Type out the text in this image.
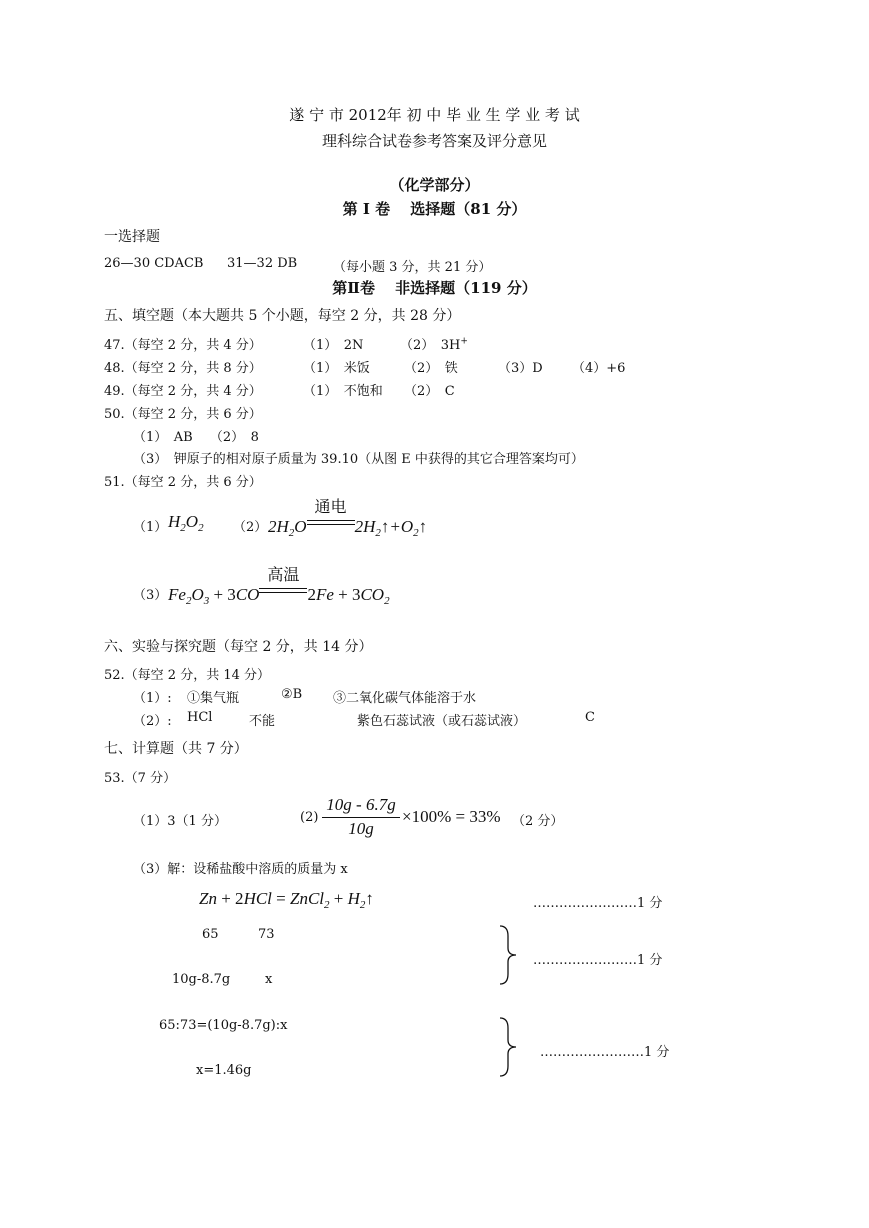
遂 宁 市 2012年 初 中 毕 业 生 学 业 考 试
理科综合试卷参考答案及评分意见
（化学部分）
第 I 卷　 选择题（81 分）
一选择题
26—30 CDACB 31—32 DB	（每小题 3 分，共 21 分）
第Ⅱ卷　 非选择题（119 分）
五、填空题（本大题共 5 个小题，每空 2 分，共 28 分）
47.（每空 2 分，共 4 分）	（1）　2N	（2）　3H+
48.（每空 2 分，共 8 分）	（1）　米饭	（2）　铁	（3）D （4）+6
49.（每空 2 分，共 4 分）	（1）　不饱和 （2）　C
50.（每空 2 分，共 6 分）
（1）　AB　 （2）　8
（3）　钾原子的相对原子质量为 39.10（从图 E 中获得的其它合理答案均可）
51.（每空 2 分，共 6 分）
（1） $H_2O_2$ （2） $2H_2O$
通电
$2H_2↑+O_2↑$
（3） $Fe_2O_3 + 3CO$
高温
$2Fe + 3CO_2$
六、实验与探究题（每空 2 分，共 14 分）
52.（每空 2 分，共 14 分）
（1）: ①集气瓶	②B ③二氧化碳气体能溶于水
（2）: HCl	不能	紫色石蕊试液（或石蕊试液）	C
七、计算题（共 7 分）
53.（7 分）
（1）3（1 分）	(2)
10g - 6.7g
10g
×100% = 33% （2 分）
（3）解：设稀盐酸中溶质的质量为 x
Zn + 2HCl = ZnCl$_2$ + $H_2↑$	……………………1 分
65	73
10g-8.7g	x
……………………1 分
65:73=(10g-8.7g):x
x=1.46g
……………………1 分
